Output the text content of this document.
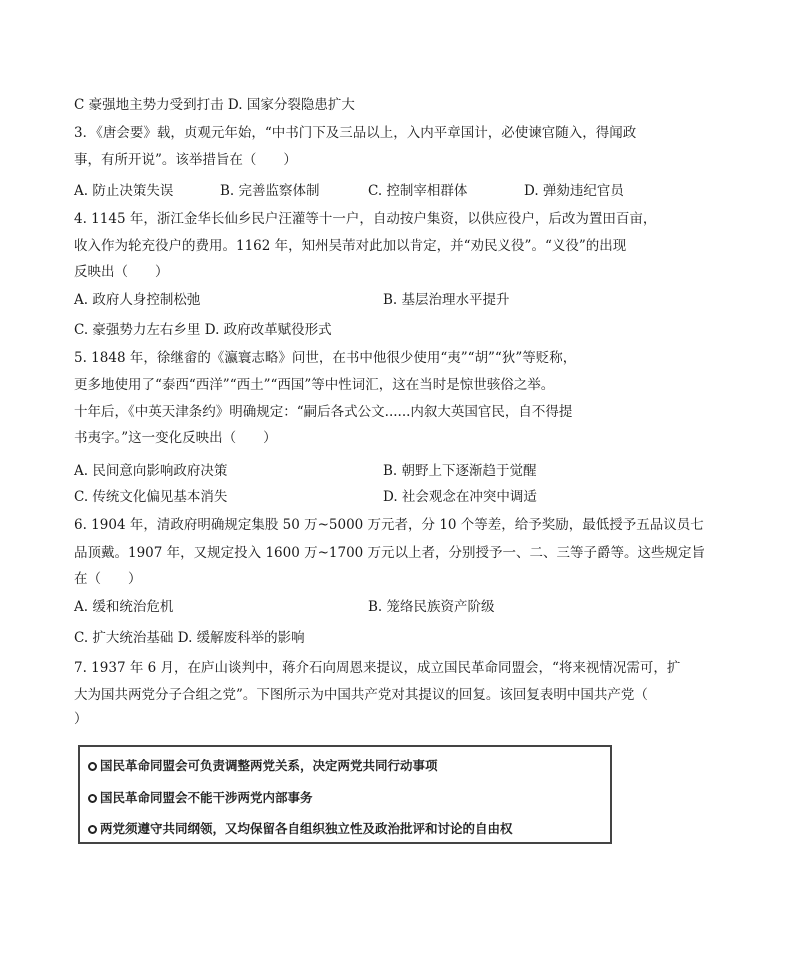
C 豪强地主势力受到打击 D. 国家分裂隐患扩大
3．《唐会要》载，贞观元年始，“中书门下及三品以上，入内平章国计，必使谏官随入，得闻政
事，有所开说”。该举措旨在（　　）
A. 防止决策失误	B. 完善监察体制	C. 控制宰相群体	D. 弹劾违纪官员
4. 1145 年，浙江金华长仙乡民户汪灌等十一户，自动按户集资，以供应役户，后改为置田百亩，
收入作为轮充役户的费用。1162 年，知州吴芾对此加以肯定，并“劝民义役”。“义役”的出现
反映出（　　）
A. 政府人身控制松弛	B. 基层治理水平提升
C. 豪强势力左右乡里 D. 政府改革赋役形式
5. 1848 年，徐继畲的《瀛寰志略》问世，在书中他很少使用“夷”“胡”“狄”等贬称，
更多地使用了“泰西“西洋”“西土”“西国”等中性词汇，这在当时是惊世骇俗之举。
十年后，《中英天津条约》明确规定：“嗣后各式公文......内叙大英国官民，自不得提
书夷字。”这一变化反映出（　　）
A. 民间意向影响政府决策	B. 朝野上下逐渐趋于觉醒
C. 传统文化偏见基本消失	D. 社会观念在冲突中调适
6. 1904 年，清政府明确规定集股 50 万~5000 万元者，分 10 个等差，给予奖励，最低授予五品议员七
品顶戴。1907 年，又规定投入 1600 万~1700 万元以上者，分别授予一、二、三等子爵等。这些规定旨
在（　　）
A. 缓和统治危机	B. 笼络民族资产阶级
C. 扩大统治基础 D. 缓解废科举的影响
7. 1937 年 6 月，在庐山谈判中，蒋介石向周恩来提议，成立国民革命同盟会，“将来视情况需可，扩
大为国共两党分子合组之党”。下图所示为中国共产党对其提议的回复。该回复表明中国共产党（
）
国民革命同盟会可负责调整两党关系，决定两党共同行动事项
国民革命同盟会不能干涉两党内部事务
两党须遵守共同纲领，又均保留各自组织独立性及政治批评和讨论的自由权
